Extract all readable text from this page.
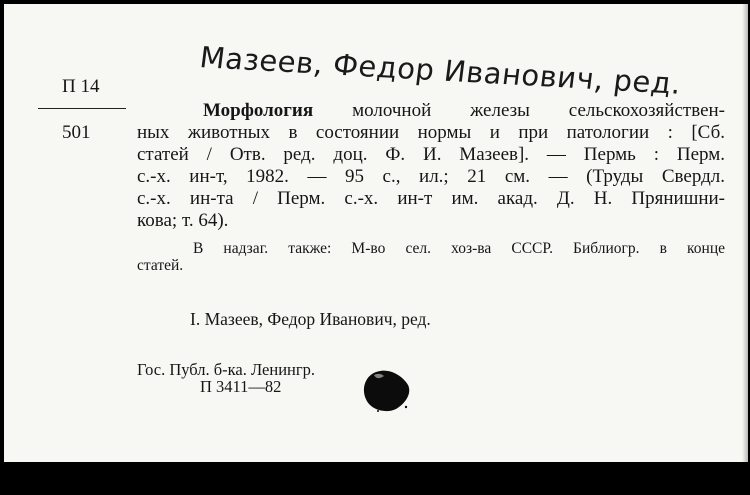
Мазеев, Федор Иванович, ред.
П 14
501
Морфология молочной железы сельскохозяйствен-
ных животных в состоянии нормы и при патологии : [Сб.
статей / Отв. ред. доц. Ф. И. Мазеев]. — Пермь : Перм.
с.-х. ин-т, 1982. — 95 с., ил.; 21 см. — (Труды Свердл.
с.-х. ин-та / Перм. с.-х. ин-т им. акад. Д. Н. Прянишни-
кова; т. 64).
В надзаг. также: М-во сел. хоз-ва СССР. Библиогр. в конце
статей.
I. Мазеев, Федор Иванович, ред.
Гос. Публ. б-ка. Ленингр.
П 3411—82
